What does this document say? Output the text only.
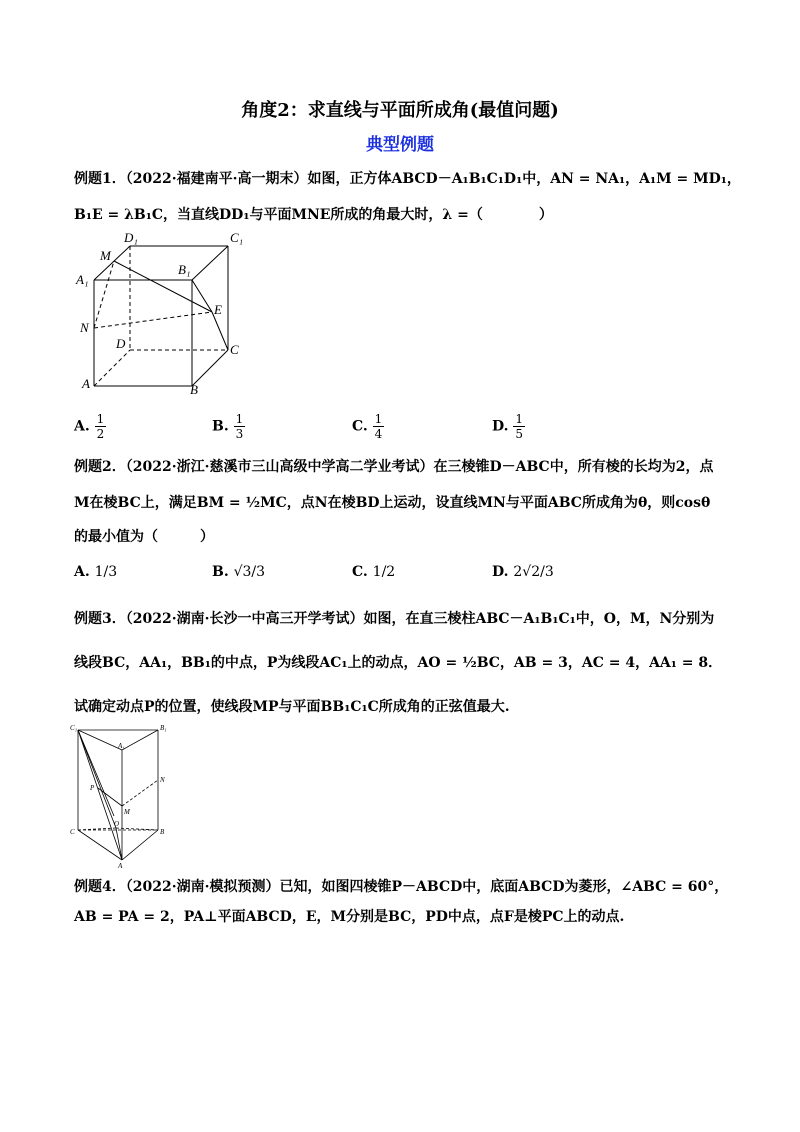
角度2：求直线与平面所成角(最值问题)
典型例题
例题1．（2022·福建南平·高一期末）如图，正方体ABCD－A₁B₁C₁D₁中，AN = NA₁，A₁M = MD₁，
B₁E = λB₁C，当直线DD₁与平面MNE所成的角最大时，λ =（　　　　）
D₁	C₁
M
A₁
B₁
E
N
D	C
A	B
A. $\frac{1}{2}$	B. $\frac{1}{3}$	C. $\frac{1}{4}$	D. $\frac{1}{5}$
例题2．（2022·浙江·慈溪市三山高级中学高二学业考试）在三棱锥D－ABC中，所有棱的长均为2，点
M在棱BC上，满足BM = ½MC，点N在棱BD上运动，设直线MN与平面ABC所成角为θ，则cosθ
的最小值为（　　　）
A. 1/3	B. √3/3	C. 1/2	D. 2√2/3
例题3．（2022·湖南·长沙一中高三开学考试）如图，在直三棱柱ABC－A₁B₁C₁中，O，M，N分别为
线段BC，AA₁，BB₁的中点，P为线段AC₁上的动点，AO = ½BC，AB = 3，AC = 4，AA₁ = 8．
试确定动点P的位置，使线段MP与平面BB₁C₁C所成角的正弦值最大.
C₁	B₁
A₁
N
P
M
C
O
B
A
例题4．（2022·湖南·模拟预测）已知，如图四棱锥P－ABCD中，底面ABCD为菱形，∠ABC = 60°，
AB = PA = 2，PA⊥平面ABCD，E，M分别是BC，PD中点，点F是棱PC上的动点.
